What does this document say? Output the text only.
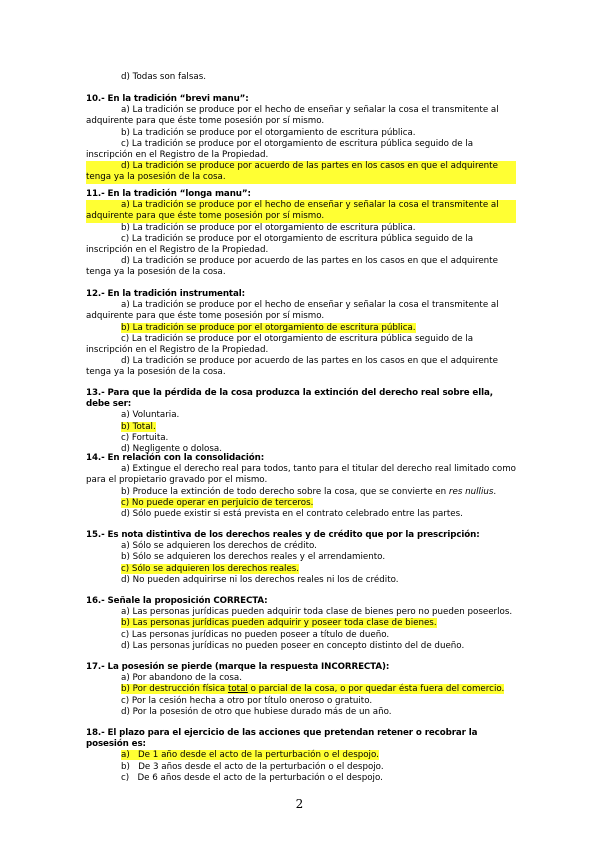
d) Todas son falsas.
10.- En la tradición “brevi manu”:
a) La tradición se produce por el hecho de enseñar y señalar la cosa el transmitente al adquirente para que éste tome posesión por sí mismo.
b) La tradición se produce por el otorgamiento de escritura pública.
c) La tradición se produce por el otorgamiento de escritura pública seguido de la inscripción en el Registro de la Propiedad.
d) La tradición se produce por acuerdo de las partes en los casos en que el adquirente tenga ya la posesión de la cosa.
11.- En la tradición “longa manu”:
a) La tradición se produce por el hecho de enseñar y señalar la cosa el transmitente al adquirente para que éste tome posesión por sí mismo.
b) La tradición se produce por el otorgamiento de escritura pública.
c) La tradición se produce por el otorgamiento de escritura pública seguido de la inscripción en el Registro de la Propiedad.
d) La tradición se produce por acuerdo de las partes en los casos en que el adquirente tenga ya la posesión de la cosa.
12.- En la tradición instrumental:
a) La tradición se produce por el hecho de enseñar y señalar la cosa el transmitente al adquirente para que éste tome posesión por sí mismo.
b) La tradición se produce por el otorgamiento de escritura pública.
c) La tradición se produce por el otorgamiento de escritura pública seguido de la inscripción en el Registro de la Propiedad.
d) La tradición se produce por acuerdo de las partes en los casos en que el adquirente tenga ya la posesión de la cosa.
13.- Para que la pérdida de la cosa produzca la extinción del derecho real sobre ella, debe ser:
a) Voluntaria.
b) Total.
c) Fortuita.
d) Negligente o dolosa.
14.- En relación con la consolidación:
a) Extingue el derecho real para todos, tanto para el titular del derecho real limitado como para el propietario gravado por el mismo.
b) Produce la extinción de todo derecho sobre la cosa, que se convierte en res nullius.
c) No puede operar en perjuicio de terceros.
d) Sólo puede existir si está prevista en el contrato celebrado entre las partes.
15.- Es nota distintiva de los derechos reales y de crédito que por la prescripción:
a) Sólo se adquieren los derechos de crédito.
b) Sólo se adquieren los derechos reales y el arrendamiento.
c) Sólo se adquieren los derechos reales.
d) No pueden adquirirse ni los derechos reales ni los de crédito.
16.- Señale la proposición CORRECTA:
a) Las personas jurídicas pueden adquirir toda clase de bienes pero no pueden poseerlos.
b) Las personas jurídicas pueden adquirir y poseer toda clase de bienes.
c) Las personas jurídicas no pueden poseer a título de dueño.
d) Las personas jurídicas no pueden poseer en concepto distinto del de dueño.
17.- La posesión se pierde (marque la respuesta INCORRECTA):
a) Por abandono de la cosa.
b) Por destrucción física total o parcial de la cosa, o por quedar ésta fuera del comercio.
c) Por la cesión hecha a otro por título oneroso o gratuito.
d) Por la posesión de otro que hubiese durado más de un año.
18.- El plazo para el ejercicio de las acciones que pretendan retener o recobrar la posesión es:
a)   De 1 año desde el acto de la perturbación o el despojo.
b)   De 3 años desde el acto de la perturbación o el despojo.
c)   De 6 años desde el acto de la perturbación o el despojo.
2
